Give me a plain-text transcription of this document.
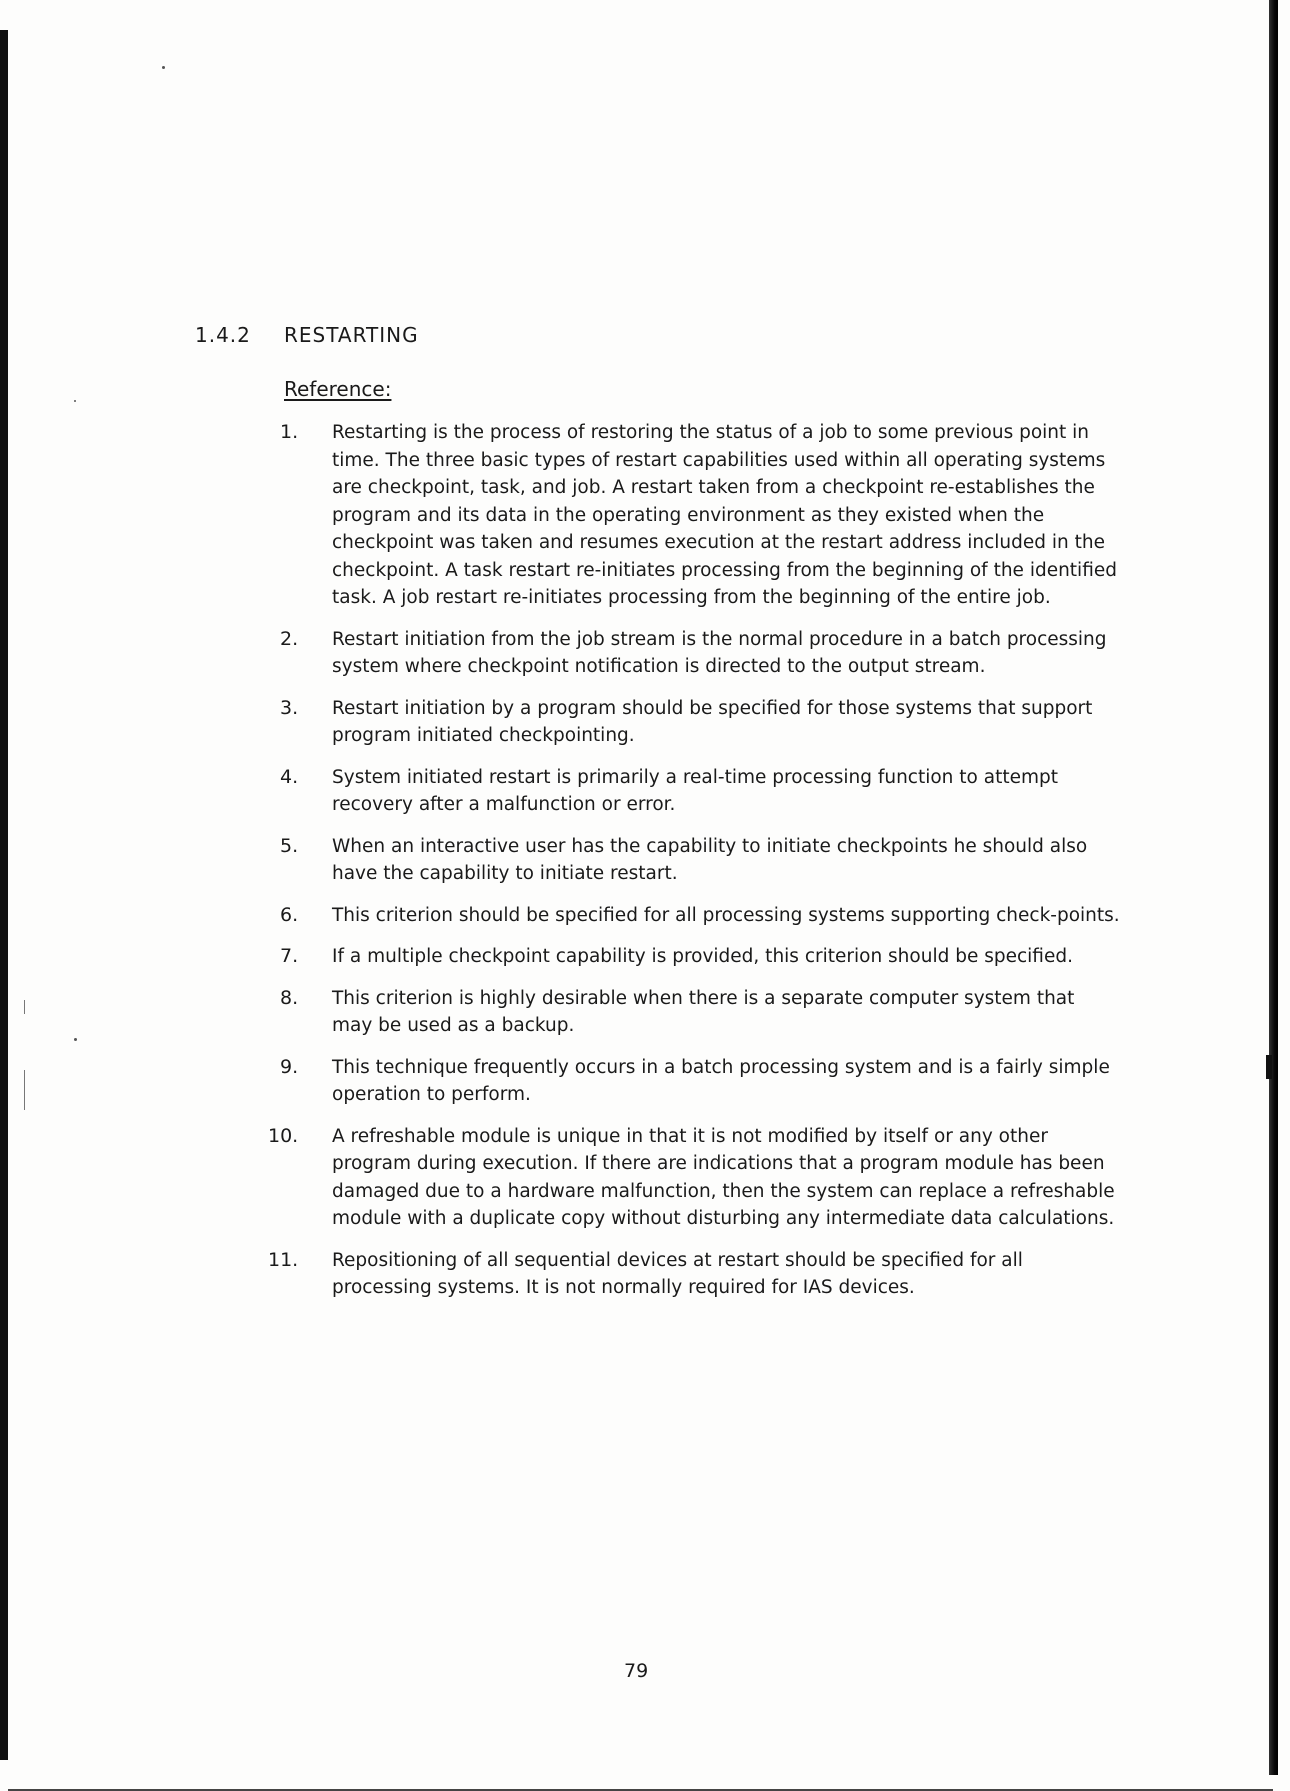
1.4.2 RESTARTING
Reference:
1.	Restarting is the process of restoring the status of a job to some previous point in time. The three basic types of restart capabilities used within all operating systems are checkpoint, task, and job. A restart taken from a checkpoint re-establishes the program and its data in the operating environment as they existed when the checkpoint was taken and resumes execution at the restart address included in the checkpoint. A task restart re-initiates processing from the beginning of the identified task. A job restart re-initiates processing from the beginning of the entire job.
2.	Restart initiation from the job stream is the normal procedure in a batch processing system where checkpoint notification is directed to the output stream.
3.	Restart initiation by a program should be specified for those systems that support program initiated checkpointing.
4.	System initiated restart is primarily a real-time processing function to attempt recovery after a malfunction or error.
5.	When an interactive user has the capability to initiate checkpoints he should also have the capability to initiate restart.
6.	This criterion should be specified for all processing systems supporting check-points.
7.	If a multiple checkpoint capability is provided, this criterion should be specified.
8.	This criterion is highly desirable when there is a separate computer system that may be used as a backup.
9.	This technique frequently occurs in a batch processing system and is a fairly simple operation to perform.
10.	A refreshable module is unique in that it is not modified by itself or any other program during execution. If there are indications that a program module has been damaged due to a hardware malfunction, then the system can replace a refreshable module with a duplicate copy without disturbing any intermediate data calculations.
11.	Repositioning of all sequential devices at restart should be specified for all processing systems. It is not normally required for IAS devices.
79
